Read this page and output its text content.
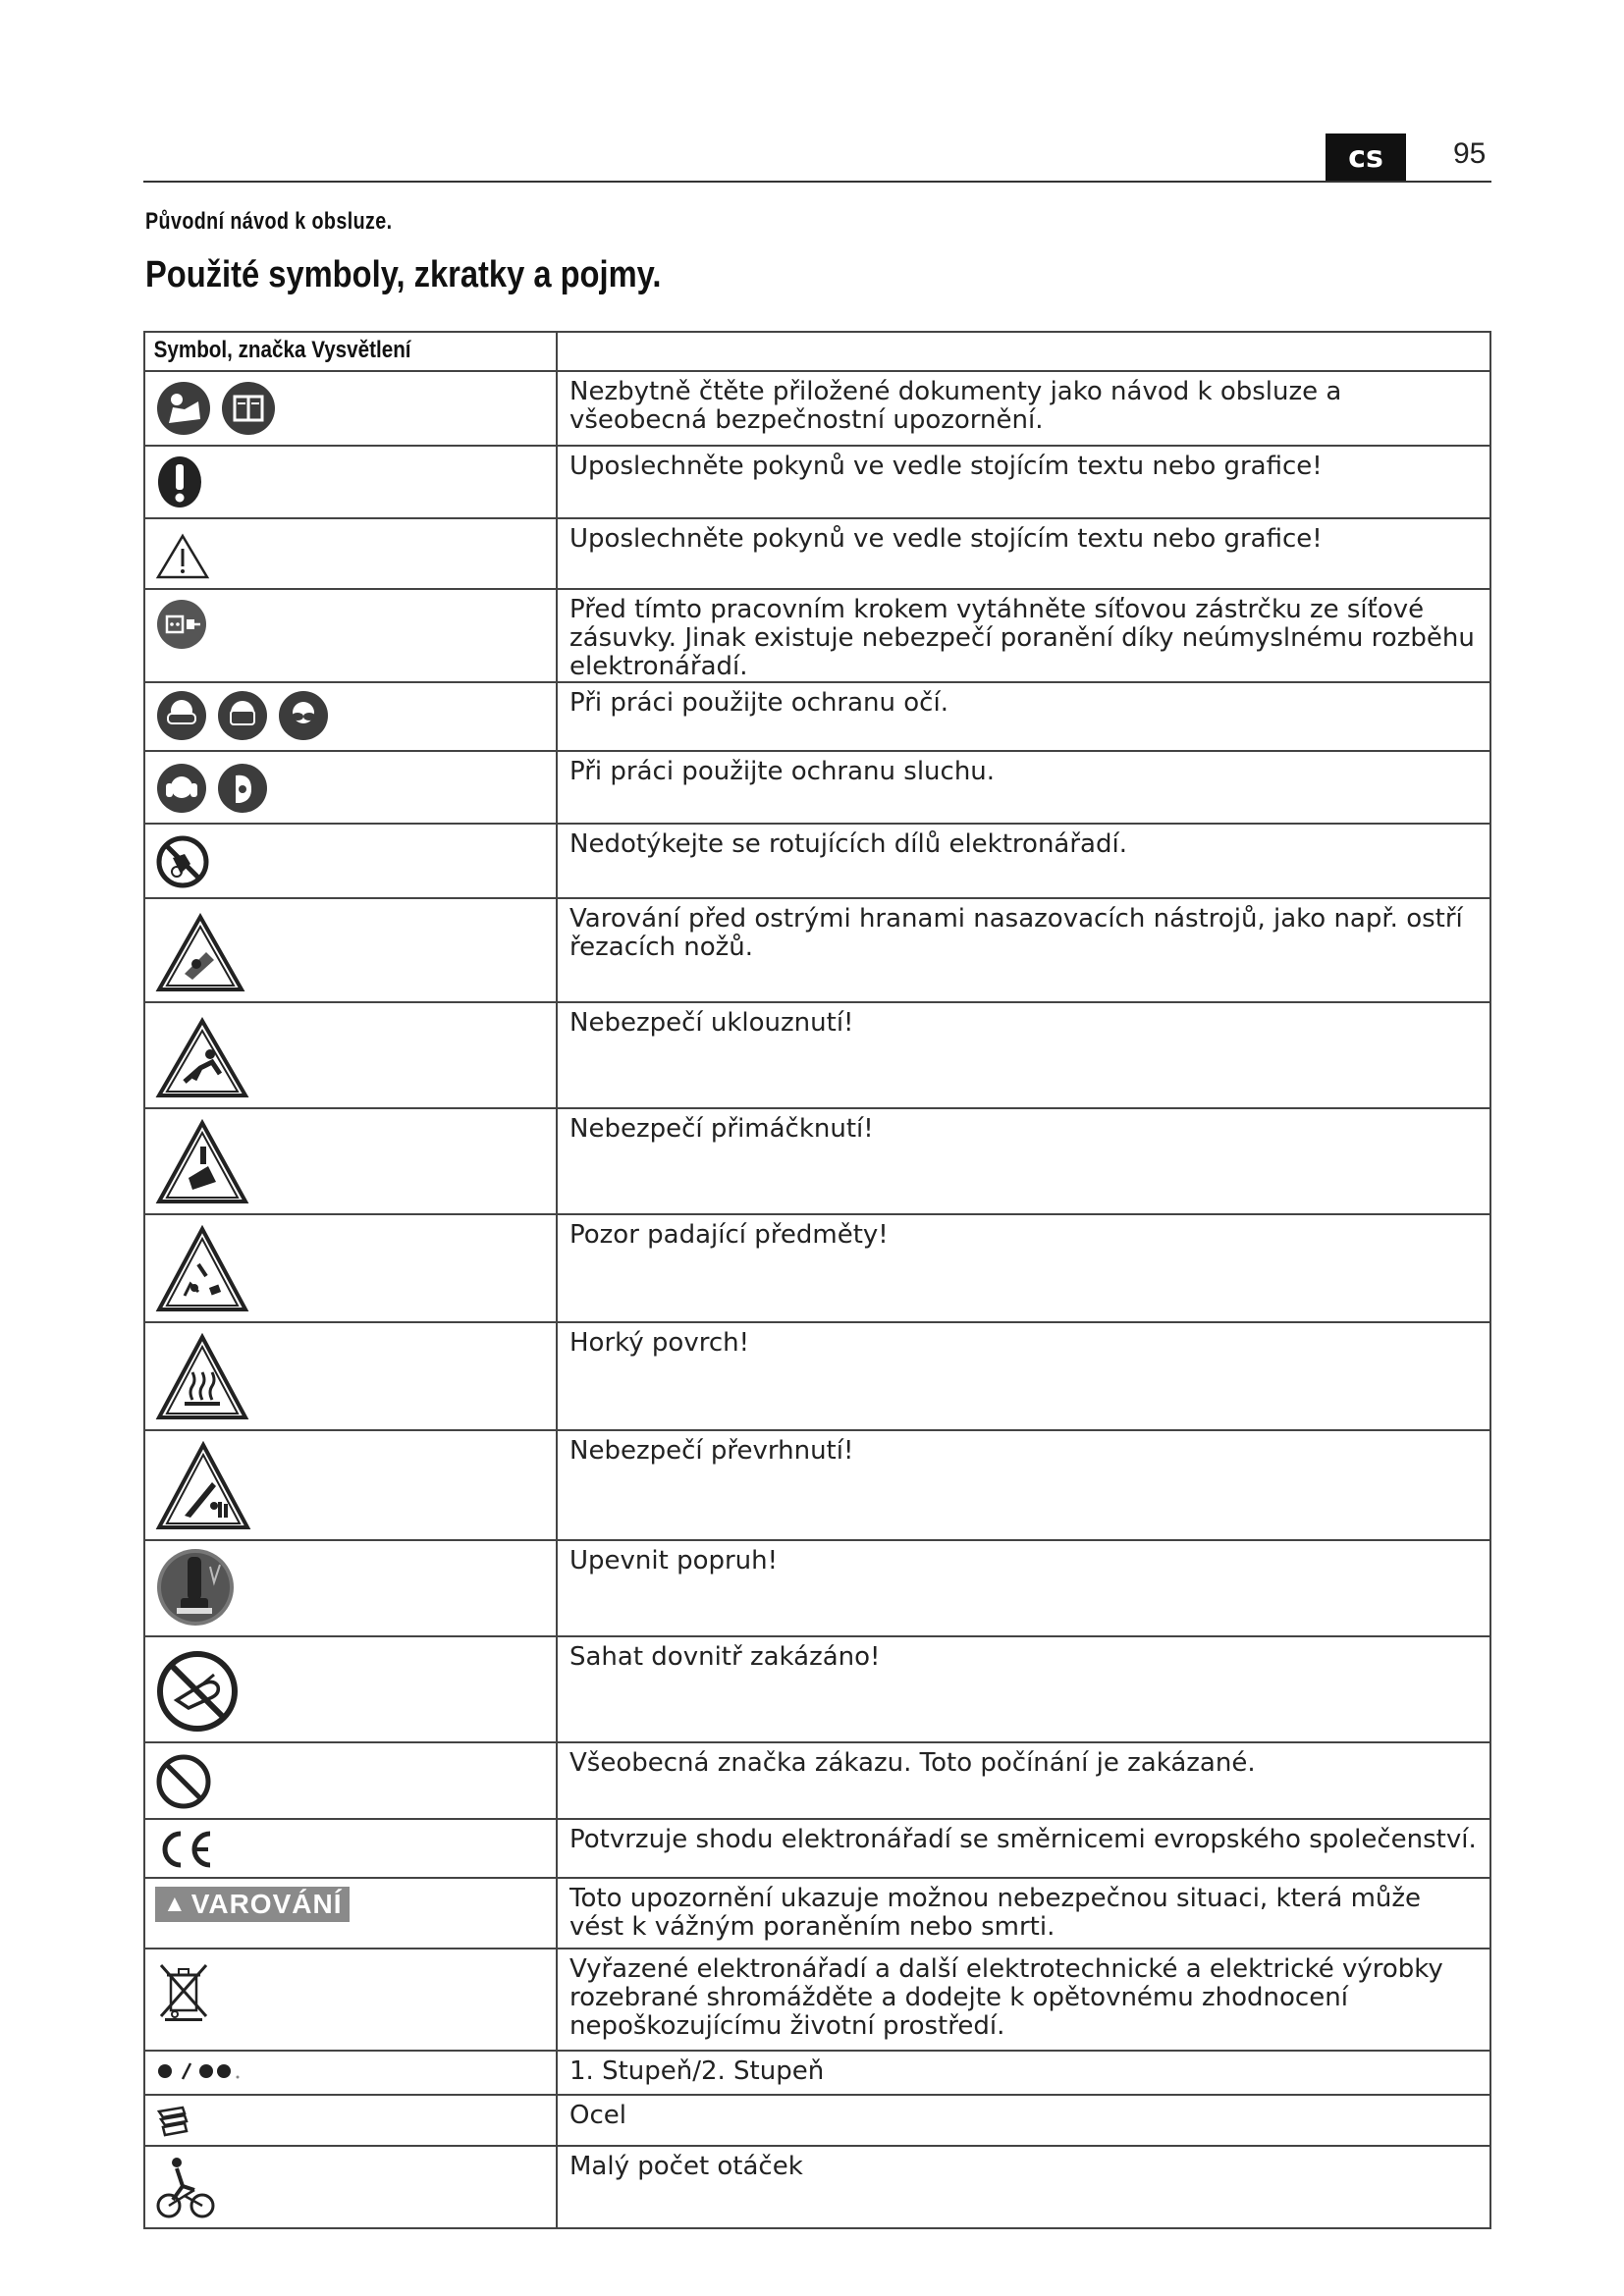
cs	95
Původní návod k obsluze.
Použité symboly, zkratky a pojmy.
Symbol, značka Vysvětlení	

	Nezbytně čtěte přiložené dokumenty jako návod k obsluze a všeobecná bezpečnostní upozornění.

	Uposlechněte pokynů ve vedle stojícím textu nebo grafice!

	Uposlechněte pokynů ve vedle stojícím textu nebo grafice!

	Před tímto pracovním krokem vytáhněte síťovou zástrčku ze síťové zásuvky. Jinak existuje nebezpečí poranění díky neúmyslnému rozběhu elektronářadí.

	Při práci použijte ochranu očí.

	Při práci použijte ochranu sluchu.

	Nedotýkejte se rotujících dílů elektronářadí.

	Varování před ostrými hranami nasazovacích nástrojů, jako např. ostří řezacích nožů.

	Nebezpečí uklouznutí!

	Nebezpečí přimáčknutí!

	Pozor padající předměty!

	Horký povrch!

	Nebezpečí převrhnutí!

	Upevnit popruh!

	Sahat dovnitř zakázáno!

	Všeobecná značka zákazu. Toto počínání je zakázané.

	Potvrzuje shodu elektronářadí se směrnicemi evropského společenství.

▲ VAROVÁNÍ	Toto upozornění ukazuje možnou nebezpečnou situaci, která může vést k vážným poraněním nebo smrti.

	Vyřazené elektronářadí a další elektrotechnické a elektrické výrobky rozebrané shromážděte a dodejte k opětovnému zhodnocení nepoškozujícímu životní prostředí.

	1. Stupeň/2. Stupeň

	Ocel

	Malý počet otáček
